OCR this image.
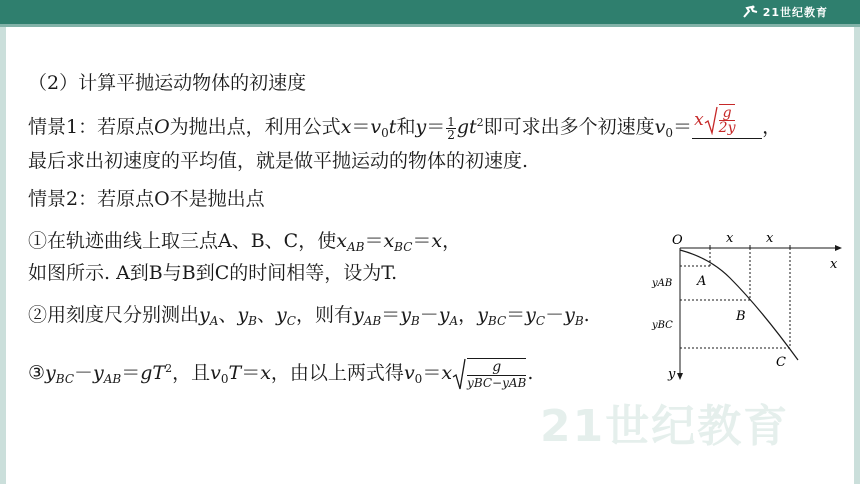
21世纪教育
（2）计算平抛运动物体的初速度
情景1：若原点O为抛出点，利用公式$x=v_0t$和$y= \frac{1}{2} gt^2$即可求出多个初速度$v_0= x \frac{g}{2y}$ ，
最后求出初速度的平均值，就是做平抛运动的物体的初速度.
情景2：若原点O不是抛出点
①在轨迹曲线上取三点A、B、C，使$x_{AB}=x_{BC}=x$，
如图所示. A到B与B到C的时间相等，设为T.
②用刻度尺分别测出$y_A$、$y_B$、$y_C$，则有$y_{AB}=y_B-y_A$，$y_{BC}=y_C-y_B$.
$③y_{BC}-y_{AB}=gT^2$，且$v_0T=x$，由以上两式得$v_0=x \frac{g}{\text{yBC−yAB}}$ .
O	x	x
x
y
yAB
yBC
A
B
C
21世纪教育
